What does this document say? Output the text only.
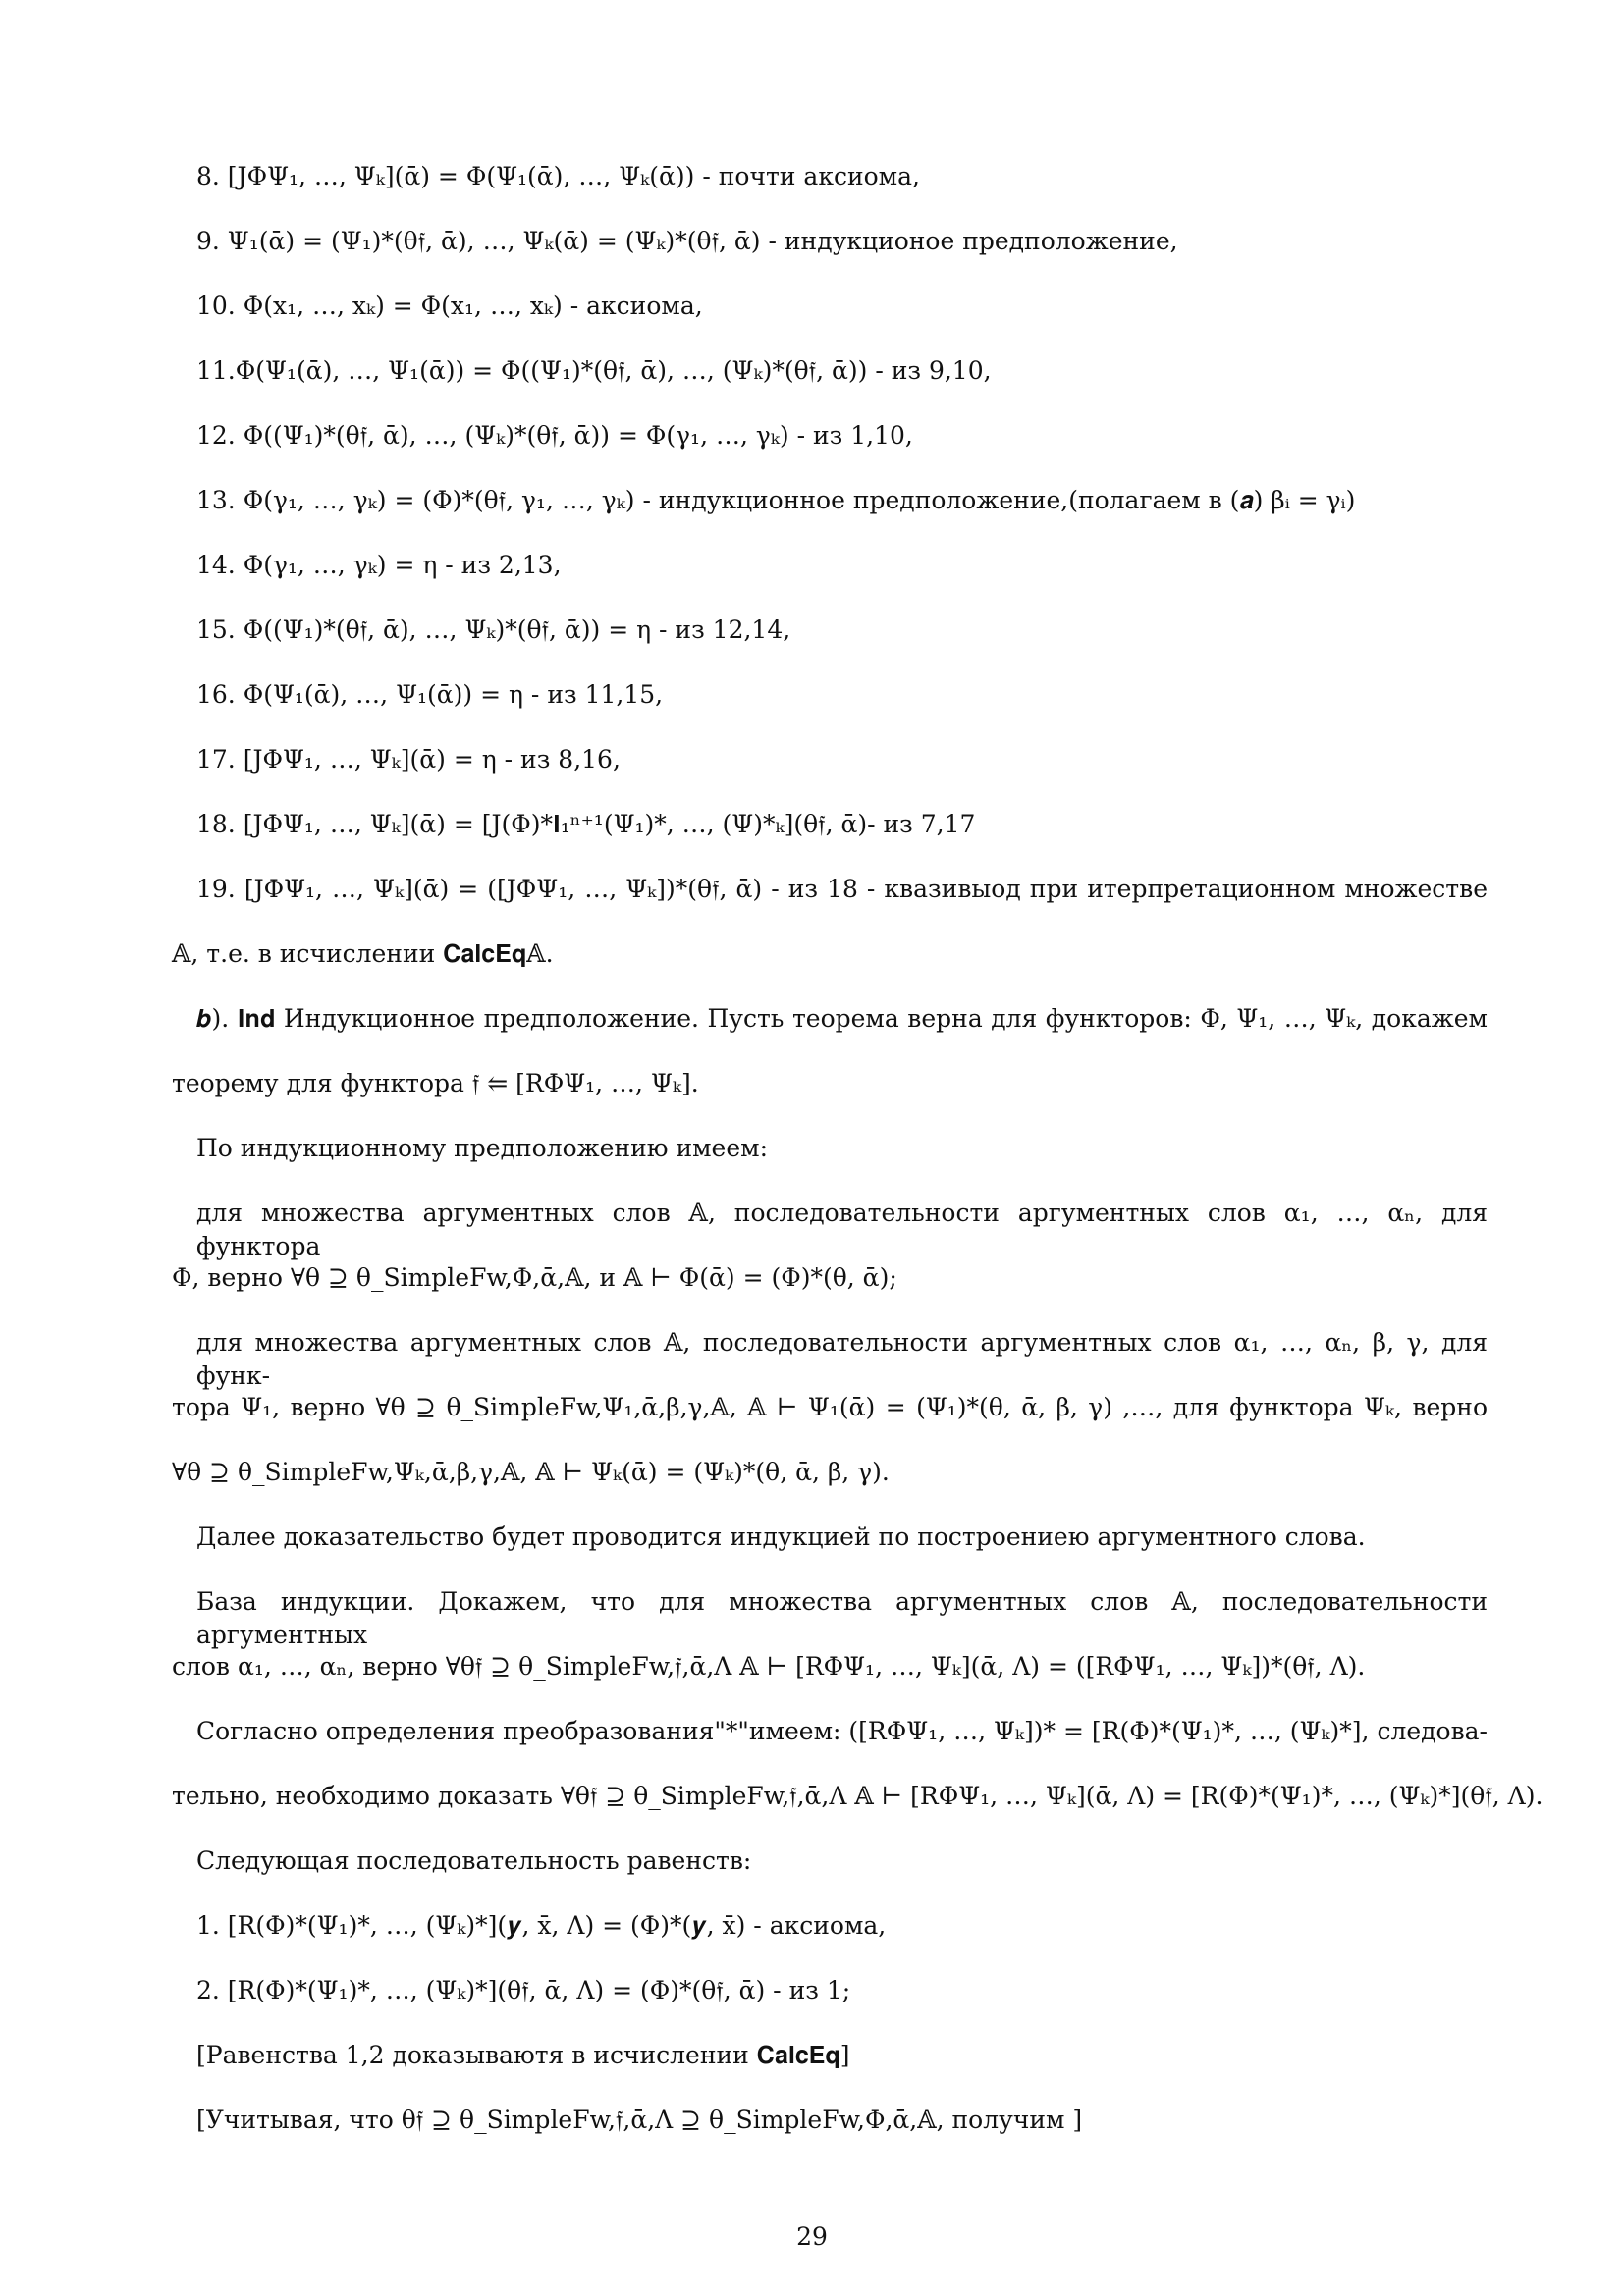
8. [JΦΨ₁, …, Ψₖ](ᾱ) = Φ(Ψ₁(ᾱ), …, Ψₖ(ᾱ)) - почти аксиома,
9. Ψ₁(ᾱ) = (Ψ₁)*(θ𝔣, ᾱ), …, Ψₖ(ᾱ) = (Ψₖ)*(θ𝔣, ᾱ) - индукционое предположение,
10. Φ(x₁, …, xₖ) = Φ(x₁, …, xₖ) - аксиома,
11.Φ(Ψ₁(ᾱ), …, Ψ₁(ᾱ)) = Φ((Ψ₁)*(θ𝔣, ᾱ), …, (Ψₖ)*(θ𝔣, ᾱ)) - из 9,10,
12. Φ((Ψ₁)*(θ𝔣, ᾱ), …, (Ψₖ)*(θ𝔣, ᾱ)) = Φ(γ₁, …, γₖ) - из 1,10,
13. Φ(γ₁, …, γₖ) = (Φ)*(θ𝔣, γ₁, …, γₖ) - индукционное предположение,(полагаем в (𝒂) βᵢ = γᵢ)
14. Φ(γ₁, …, γₖ) = η - из 2,13,
15. Φ((Ψ₁)*(θ𝔣, ᾱ), …, Ψₖ)*(θ𝔣, ᾱ)) = η - из 12,14,
16. Φ(Ψ₁(ᾱ), …, Ψ₁(ᾱ)) = η - из 11,15,
17. [JΦΨ₁, …, Ψₖ](ᾱ) = η - из 8,16,
18. [JΦΨ₁, …, Ψₖ](ᾱ) = [J(Φ)*𝐈₁ⁿ⁺¹(Ψ₁)*, …, (Ψ)*ₖ](θ𝔣, ᾱ)- из 7,17
19. [JΦΨ₁, …, Ψₖ](ᾱ) = ([JΦΨ₁, …, Ψₖ])*(θ𝔣, ᾱ) - из 18 - квазивыод при итерпретационном множестве
𝔸, т.е. в исчислении 𝐂𝐚𝐥𝐜𝐄𝐪𝔸.
𝒃). 𝐈𝐧𝐝 Индукционное предположение. Пусть теорема верна для функторов: Φ, Ψ₁, …, Ψₖ, докажем
теорему для функтора 𝔣 ⥢ [RΦΨ₁, …, Ψₖ].
По индукционному предположению имеем:
для множества аргументных слов 𝔸, последовательности аргументных слов α₁, …, αₙ, для функтора
Φ, верно ∀θ ⊇ θ_SimpleFw,Φ,ᾱ,𝔸, и 𝔸 ⊢ Φ(ᾱ) = (Φ)*(θ, ᾱ);
для множества аргументных слов 𝔸, последовательности аргументных слов α₁, …, αₙ, β, γ, для функ-
тора Ψ₁, верно ∀θ ⊇ θ_SimpleFw,Ψ₁,ᾱ,β,γ,𝔸, 𝔸 ⊢ Ψ₁(ᾱ) = (Ψ₁)*(θ, ᾱ, β, γ) ,…, для функтора Ψₖ, верно
∀θ ⊇ θ_SimpleFw,Ψₖ,ᾱ,β,γ,𝔸, 𝔸 ⊢ Ψₖ(ᾱ) = (Ψₖ)*(θ, ᾱ, β, γ).
Далее доказательство будет проводится индукцией по построениею аргументного слова.
База индукции. Докажем, что для множества аргументных слов 𝔸, последовательности аргументных
слов α₁, …, αₙ, верно ∀θ𝔣 ⊇ θ_SimpleFw,𝔣,ᾱ,Λ 𝔸 ⊢ [RΦΨ₁, …, Ψₖ](ᾱ, Λ) = ([RΦΨ₁, …, Ψₖ])*(θ𝔣, Λ).
Согласно определения преобразования"*"имеем: ([RΦΨ₁, …, Ψₖ])* = [R(Φ)*(Ψ₁)*, …, (Ψₖ)*], следова-
тельно, необходимо доказать ∀θ𝔣 ⊇ θ_SimpleFw,𝔣,ᾱ,Λ 𝔸 ⊢ [RΦΨ₁, …, Ψₖ](ᾱ, Λ) = [R(Φ)*(Ψ₁)*, …, (Ψₖ)*](θ𝔣, Λ).
Следующая последовательность равенств:
1. [R(Φ)*(Ψ₁)*, …, (Ψₖ)*](𝒚, x̄, Λ) = (Φ)*(𝒚, x̄) - аксиома,
2. [R(Φ)*(Ψ₁)*, …, (Ψₖ)*](θ𝔣, ᾱ, Λ) = (Φ)*(θ𝔣, ᾱ) - из 1;
[Равенства 1,2 доказываютя в исчислении 𝐂𝐚𝐥𝐜𝐄𝐪]
[Учитывая, что θ𝔣 ⊇ θ_SimpleFw,𝔣,ᾱ,Λ ⊇ θ_SimpleFw,Φ,ᾱ,𝔸, получим ]
29
